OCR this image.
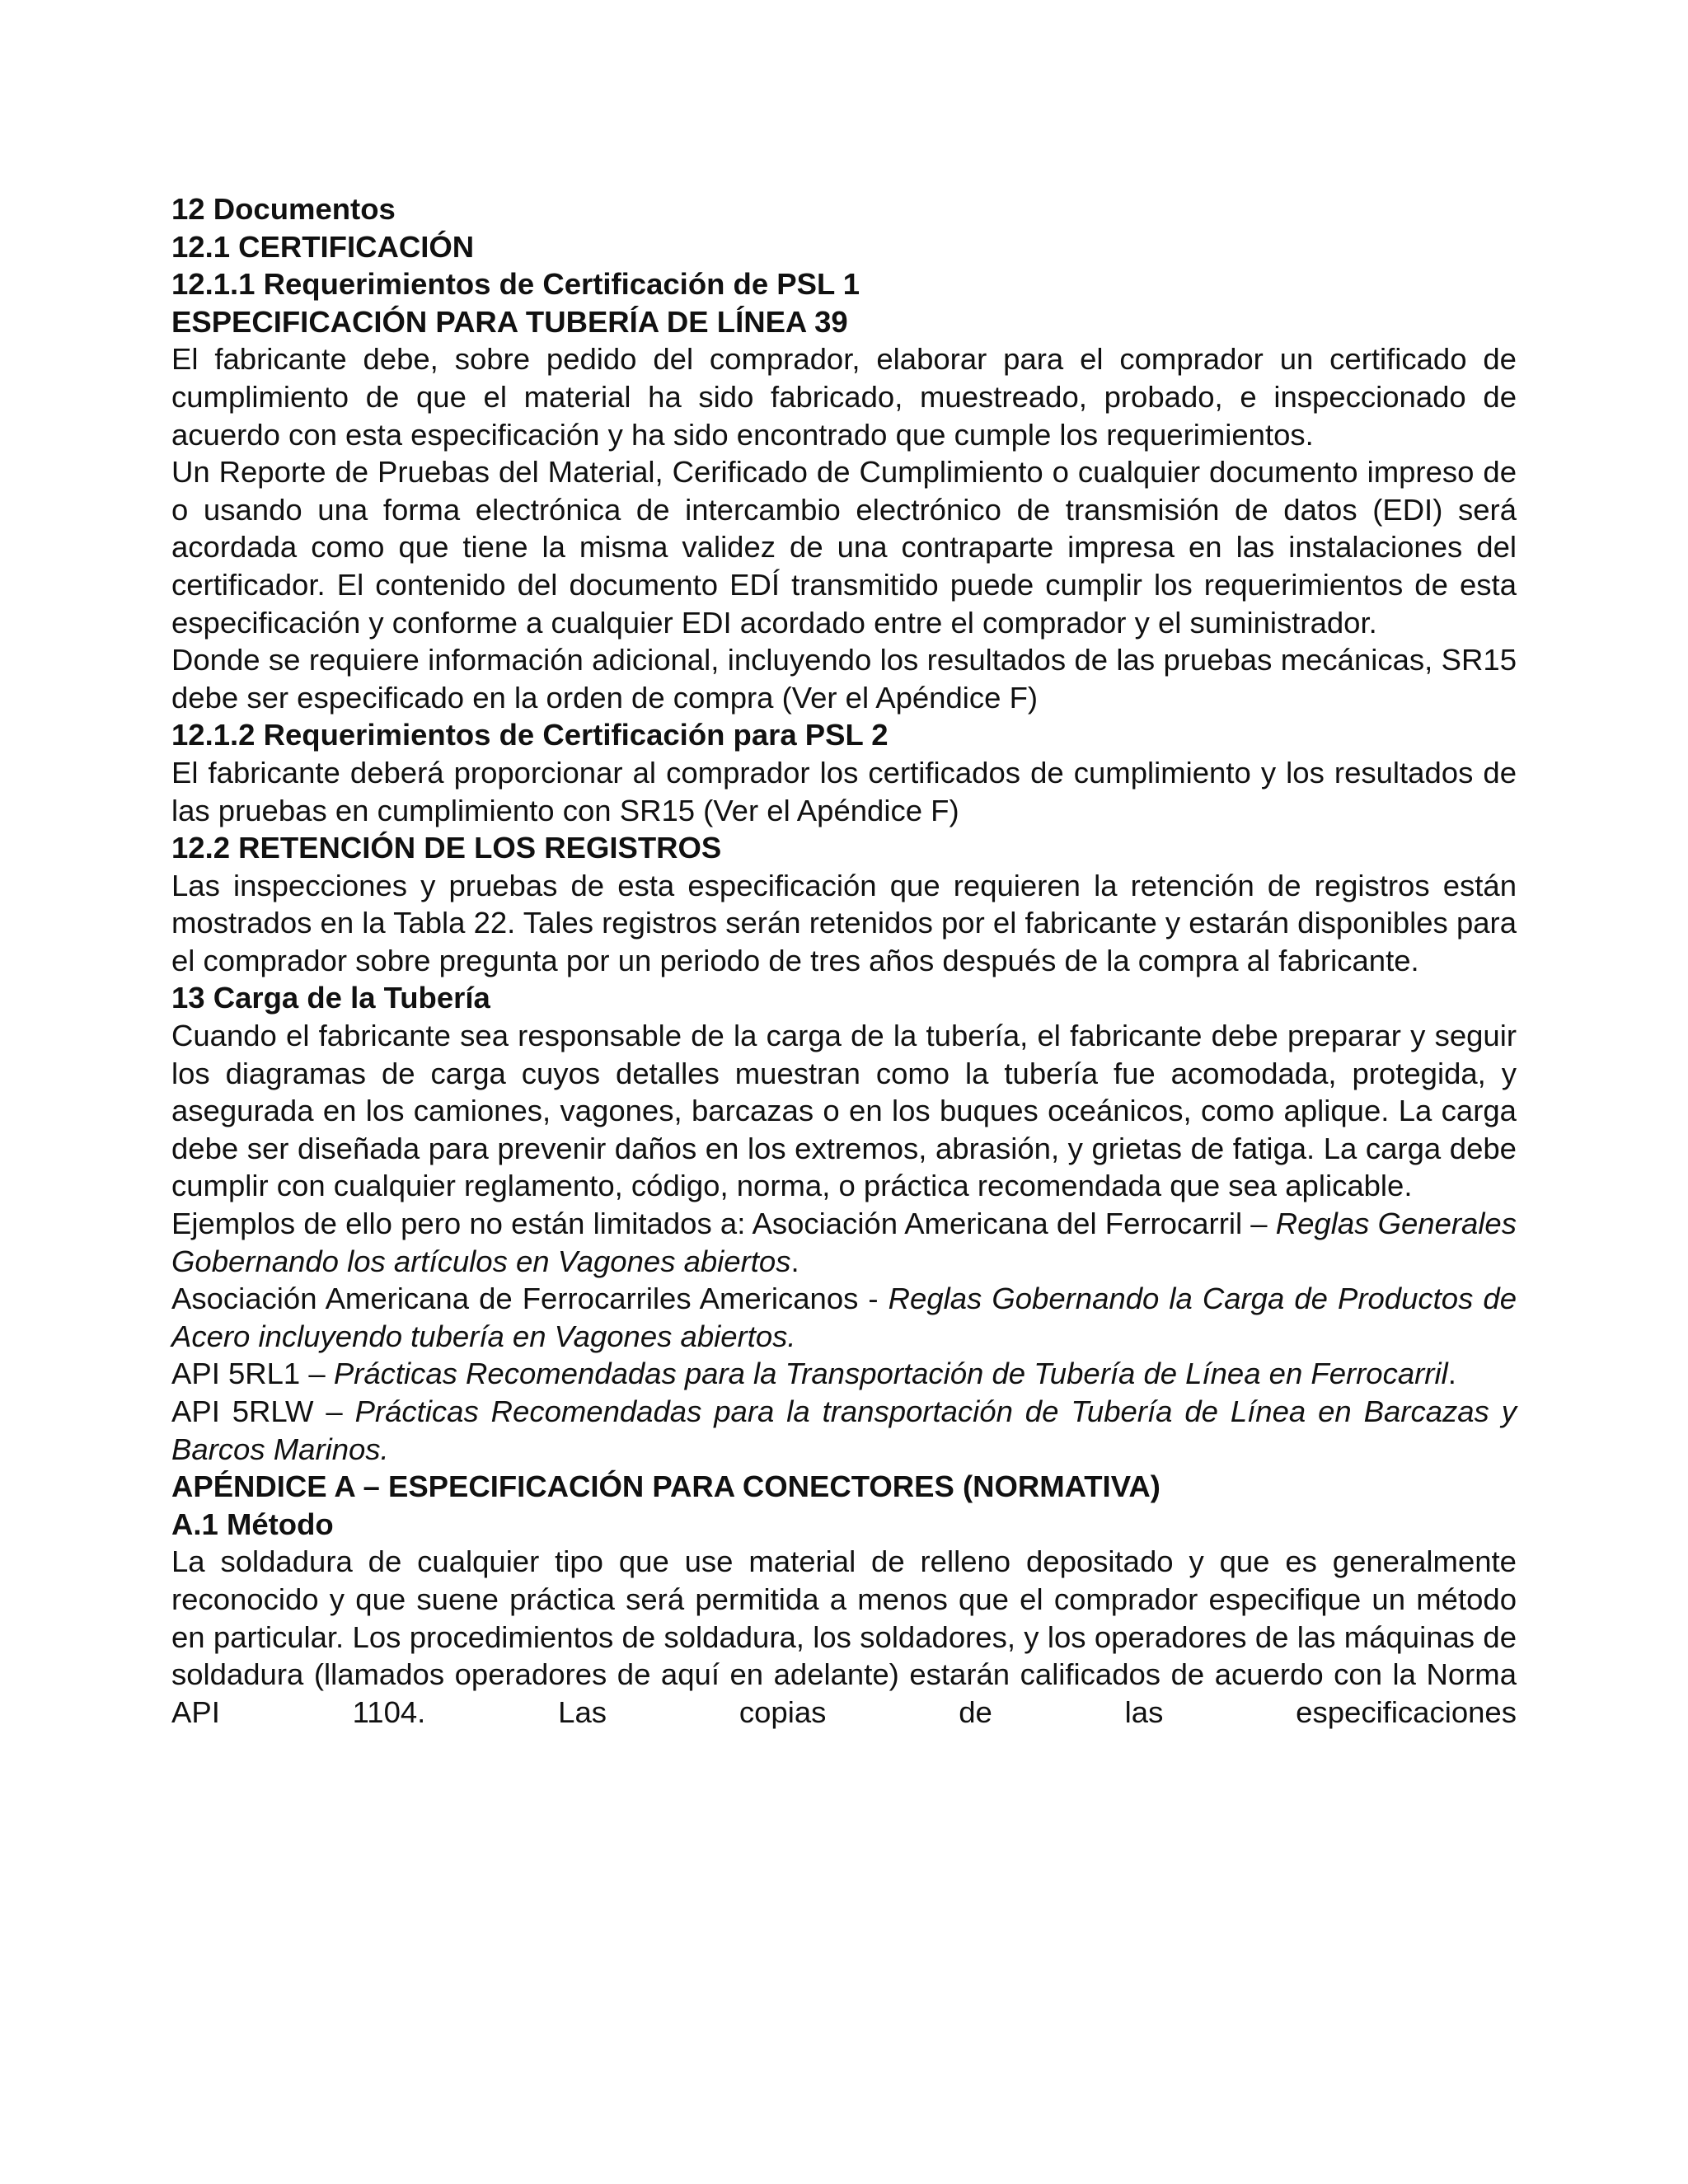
12 Documentos

12.1 CERTIFICACIÓN

12.1.1 Requerimientos de Certificación de PSL 1

ESPECIFICACIÓN PARA TUBERÍA DE LÍNEA 39

El fabricante debe, sobre pedido del comprador, elaborar para el comprador un certificado de cumplimiento de que el material ha sido fabricado, muestreado, probado, e inspeccionado de acuerdo con esta especificación y ha sido encontrado que cumple los requerimientos.

Un Reporte de Pruebas del Material, Cerificado de Cumplimiento o cualquier documento impreso de o usando una forma electrónica de intercambio electrónico de transmisión de datos (EDI) será acordada como que tiene la misma validez de una contraparte impresa en las instalaciones del certificador. El contenido del documento EDÍ transmitido puede cumplir los requerimientos de esta especificación y conforme a cualquier EDI acordado entre el comprador y el suministrador.

Donde se requiere información adicional, incluyendo los resultados de las pruebas mecánicas, SR15 debe ser especificado en la orden de compra (Ver el Apéndice F)

12.1.2 Requerimientos de Certificación para PSL 2

El fabricante deberá proporcionar al comprador los certificados de cumplimiento y los resultados de las pruebas en cumplimiento con SR15 (Ver el Apéndice F)

12.2 RETENCIÓN DE LOS REGISTROS

Las inspecciones y pruebas de esta especificación que requieren la retención de registros están mostrados en la Tabla 22. Tales registros serán retenidos por el fabricante y estarán disponibles para el comprador sobre pregunta por un periodo de tres años después de la compra al fabricante.

13 Carga de la Tubería

Cuando el fabricante sea responsable de la carga de la tubería, el fabricante debe preparar y seguir los diagramas de carga cuyos detalles muestran como la tubería fue acomodada, protegida, y asegurada en los camiones, vagones, barcazas o en los buques oceánicos, como aplique. La carga debe ser diseñada para prevenir daños en los extremos, abrasión, y grietas de fatiga. La carga debe cumplir con cualquier reglamento, código, norma, o práctica recomendada que sea aplicable.

Ejemplos de ello pero no están limitados a: Asociación Americana del Ferrocarril – Reglas Generales Gobernando los artículos en Vagones abiertos.

Asociación Americana de Ferrocarriles Americanos - Reglas Gobernando la Carga de Productos de Acero incluyendo tubería en Vagones abiertos.

API 5RL1 – Prácticas Recomendadas para la Transportación de Tubería de Línea en Ferrocarril.

API 5RLW – Prácticas Recomendadas para la transportación de Tubería de Línea en Barcazas y Barcos Marinos.

APÉNDICE A – ESPECIFICACIÓN PARA CONECTORES (NORMATIVA)

A.1 Método

La soldadura de cualquier tipo que use material de relleno depositado y que es generalmente reconocido y que suene práctica será permitida a menos que el comprador especifique un método en particular. Los procedimientos de soldadura, los soldadores, y los operadores de las máquinas de soldadura (llamados operadores de aquí en adelante) estarán calificados de acuerdo con la Norma API 1104. Las copias de las especificaciones
